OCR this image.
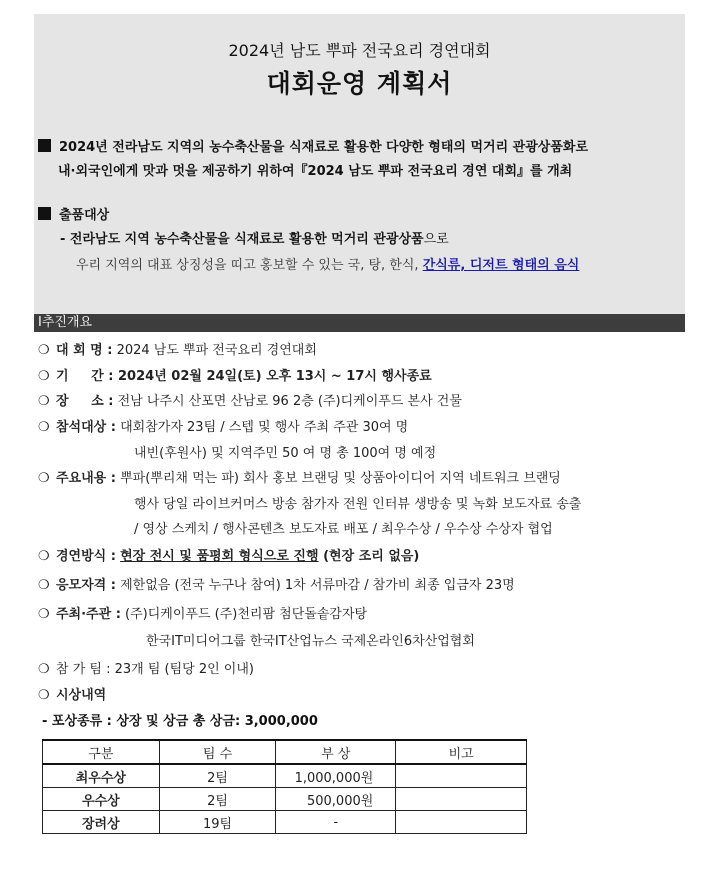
2024년 남도 뿌파 전국요리 경연대회
대회운영 계획서
2024년 전라남도 지역의 농수축산물을 식재료로 활용한 다양한 형태의 먹거리 관광상품화로
내·외국인에게 맛과 멋을 제공하기 위하여『2024 남도 뿌파 전국요리 경연 대회』를 개최
출품대상
- 전라남도 지역 농수축산물을 식재료로 활용한 먹거리 관광상품으로
우리 지역의 대표 상징성을 띠고 홍보할 수 있는 국, 탕, 한식, 간식류, 디저트 형태의 음식
Ⅰ추진개요
❍ 대 회 명 : 2024 남도 뿌파 전국요리 경연대회
❍ 기     간 : 2024년 02월 24일(토) 오후 13시 ~ 17시 행사종료
❍ 장     소 : 전남 나주시 산포면 산남로 96 2층 (주)디케이푸드 본사 건물
❍ 참석대상 : 대회참가자 23팀 / 스텝 및 행사 주최 주관 30여 명
내빈(후원사) 및 지역주민 50 여 명 총 100여 명 예정
❍ 주요내용 : 뿌파(뿌리채 먹는 파) 회사 홍보 브랜딩 및 상품아이디어 지역 네트워크 브랜딩
행사 당일 라이브커머스 방송 참가자 전원 인터뷰 생방송 및 녹화 보도자료 송출
/ 영상 스케치 / 행사콘텐츠 보도자료 배포 / 최우수상 / 우수상 수상자 협업
❍ 경연방식 : 현장 전시 및 품평회 형식으로 진행 (현장 조리 없음)
❍ 응모자격 : 제한없음 (전국 누구나 참여) 1차 서류마감 / 참가비 최종 입금자 23명
❍ 주최·주관 : (주)디케이푸드 (주)천리팜 첨단돌솥감자탕
한국IT미디어그룹 한국IT산업뉴스 국제온라인6차산업협회
❍ 참 가 팀 : 23개 팀 (팀당 2인 이내)
❍ 시상내역
- 포상종류 : 상장 및 상금 총 상금: 3,000,000
구분	팀 수	부 상	비고
최우수상	2팀	1,000,000원	
우수상	2팀	500,000원	
장려상	19팀	-	
